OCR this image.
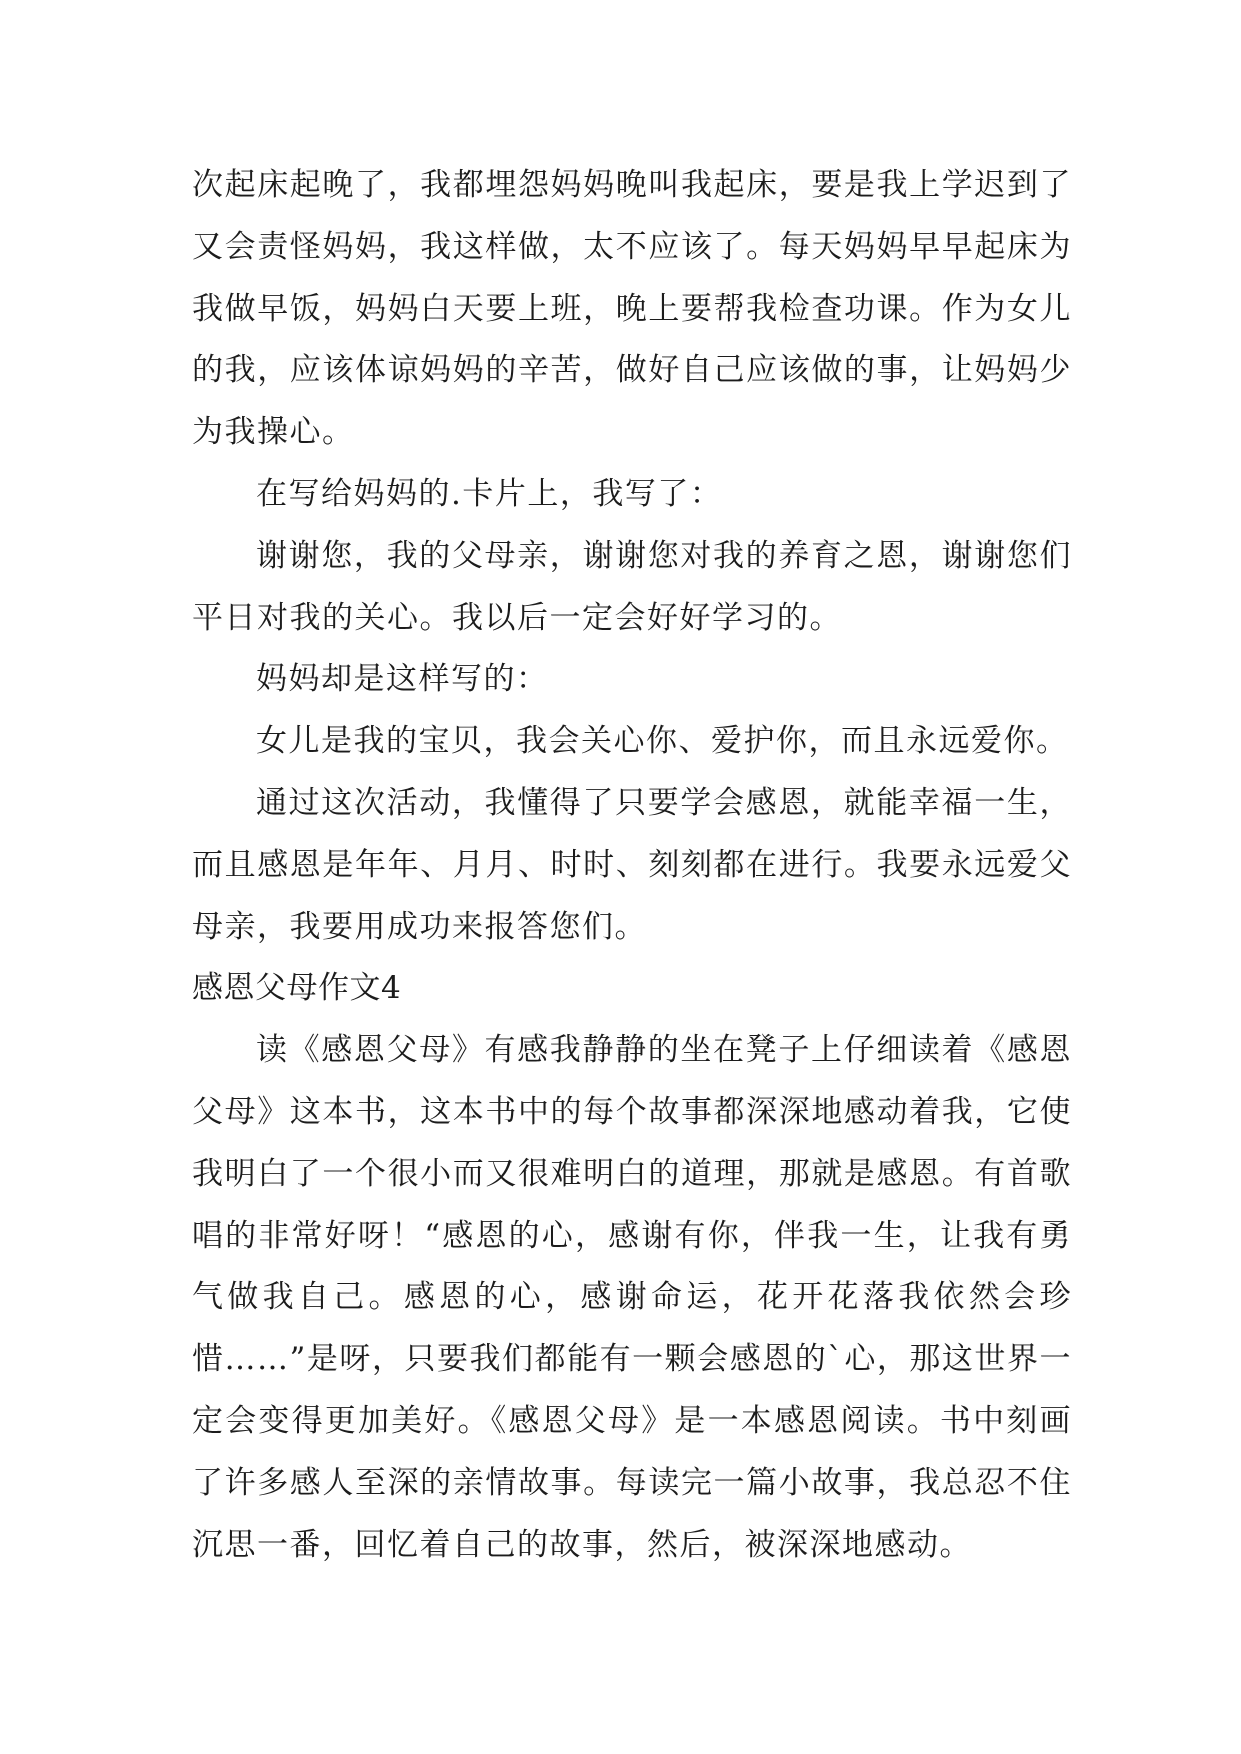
次起床起晚了，我都埋怨妈妈晚叫我起床，要是我上学迟到了又会责怪妈妈，我这样做，太不应该了。每天妈妈早早起床为我做早饭，妈妈白天要上班，晚上要帮我检查功课。作为女儿的我，应该体谅妈妈的辛苦，做好自己应该做的事，让妈妈少为我操心。

在写给妈妈的.卡片上，我写了：

谢谢您，我的父母亲，谢谢您对我的养育之恩，谢谢您们平日对我的关心。我以后一定会好好学习的。

妈妈却是这样写的：

女儿是我的宝贝，我会关心你、爱护你，而且永远爱你。

通过这次活动，我懂得了只要学会感恩，就能幸福一生，而且感恩是年年、月月、时时、刻刻都在进行。我要永远爱父母亲，我要用成功来报答您们。

感恩父母作文4

读《感恩父母》有感我静静的坐在凳子上仔细读着《感恩父母》这本书，这本书中的每个故事都深深地感动着我，它使我明白了一个很小而又很难明白的道理，那就是感恩。有首歌唱的非常好呀！“感恩的心，感谢有你，伴我一生，让我有勇气做我自己。感恩的心，感谢命运，花开花落我依然会珍惜……”是呀，只要我们都能有一颗会感恩的`心，那这世界一定会变得更加美好。《感恩父母》是一本感恩阅读。书中刻画了许多感人至深的亲情故事。每读完一篇小故事，我总忍不住沉思一番，回忆着自己的故事，然后，被深深地感动。
